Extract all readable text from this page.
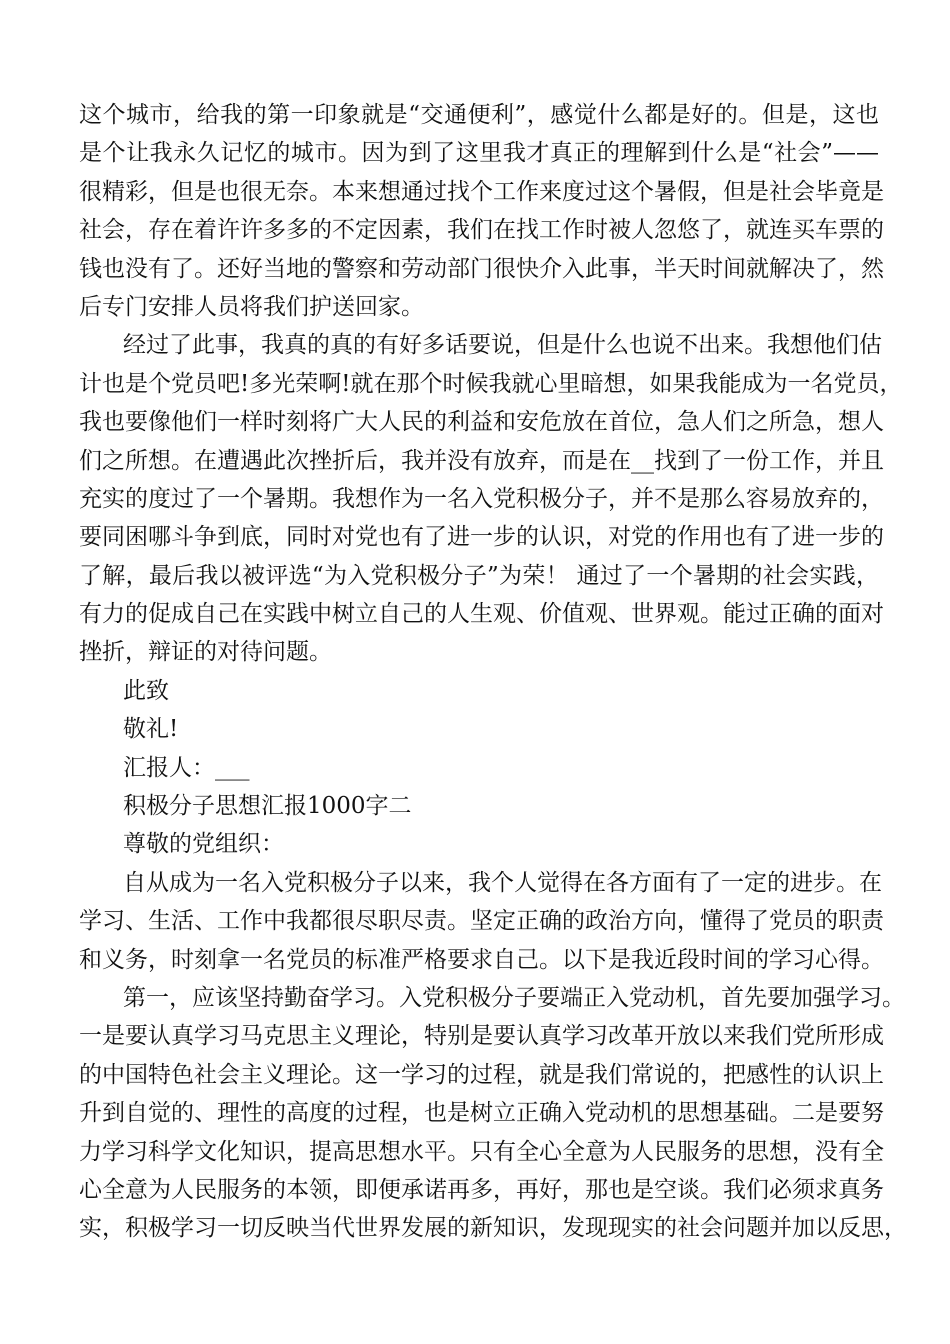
这个城市，给我的第一印象就是“交通便利”，感觉什么都是好的。但是，这也
是个让我永久记忆的城市。因为到了这里我才真正的理解到什么是“社会”——
很精彩，但是也很无奈。本来想通过找个工作来度过这个暑假，但是社会毕竟是
社会，存在着许许多多的不定因素，我们在找工作时被人忽悠了，就连买车票的
钱也没有了。还好当地的警察和劳动部门很快介入此事，半天时间就解决了，然
后专门安排人员将我们护送回家。
经过了此事，我真的真的有好多话要说，但是什么也说不出来。我想他们估
计也是个党员吧!多光荣啊!就在那个时候我就心里暗想，如果我能成为一名党员，
我也要像他们一样时刻将广大人民的利益和安危放在首位，急人们之所急，想人
们之所想。在遭遇此次挫折后，我并没有放弃，而是在__找到了一份工作，并且
充实的度过了一个暑期。我想作为一名入党积极分子，并不是那么容易放弃的，
要同困哪斗争到底，同时对党也有了进一步的认识，对党的作用也有了进一步的
了解，最后我以被评选“为入党积极分子”为荣！ 通过了一个暑期的社会实践，
有力的促成自己在实践中树立自己的人生观、价值观、世界观。能过正确的面对
挫折，辩证的对待问题。
此致
敬礼!
汇报人：___
积极分子思想汇报1000字二
尊敬的党组织：
自从成为一名入党积极分子以来，我个人觉得在各方面有了一定的进步。在
学习、生活、工作中我都很尽职尽责。坚定正确的政治方向，懂得了党员的职责
和义务，时刻拿一名党员的标准严格要求自己。以下是我近段时间的学习心得。
第一，应该坚持勤奋学习。入党积极分子要端正入党动机，首先要加强学习。
一是要认真学习马克思主义理论，特别是要认真学习改革开放以来我们党所形成
的中国特色社会主义理论。这一学习的过程，就是我们常说的，把感性的认识上
升到自觉的、理性的高度的过程，也是树立正确入党动机的思想基础。二是要努
力学习科学文化知识，提高思想水平。只有全心全意为人民服务的思想，没有全
心全意为人民服务的本领，即便承诺再多，再好，那也是空谈。我们必须求真务
实，积极学习一切反映当代世界发展的新知识，发现现实的社会问题并加以反思，
